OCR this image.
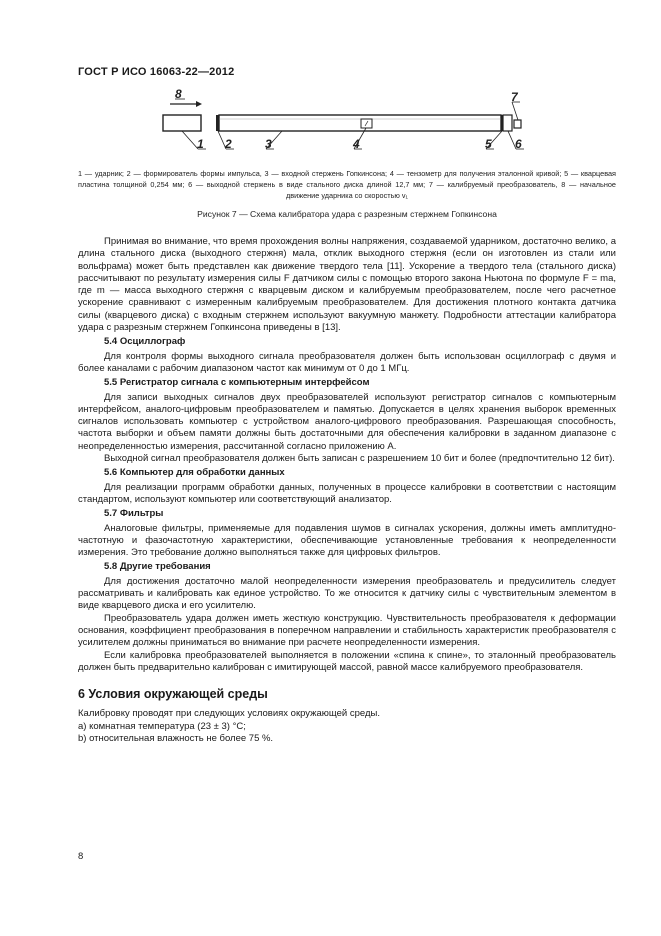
ГОСТ Р ИСО 16063-22—2012
1 2	3	4	5 6
7
8
1 — ударник; 2 — формирователь формы импульса, 3 — входной стержень Гопкинсона; 4 — тензометр для получения эталонной кривой; 5 — кварцевая пластина толщиной 0,254 мм; 6 — выходной стержень в виде стального диска длиной 12,7 мм; 7 — калибруемый преобразователь, 8 — начальное движение ударника со скоростью v₁
Рисунок 7 — Схема калибратора удара с разрезным стержнем Гопкинсона

Принимая во внимание, что время прохождения волны напряжения, создаваемой ударником, достаточно велико, а длина стального диска (выходного стержня) мала, отклик выходного стержня (если он изготовлен из стали или вольфрама) может быть представлен как движение твердого тела [11]. Ускорение a твердого тела (стального диска) рассчитывают по результату измерения силы F датчиком силы с помощью второго закона Ньютона по формуле F = ma, где m — масса выходного стержня с кварцевым диском и калибруемым преобразователем, после чего расчетное ускорение сравнивают с измеренным калибруемым преобразователем. Для достижения плотного контакта датчика силы (кварцевого диска) с входным стержнем используют вакуумную манжету. Подробности аттестации калибратора удара с разрезным стержнем Гопкинсона приведены в [13].

5.4 Осциллограф

Для контроля формы выходного сигнала преобразователя должен быть использован осциллограф с двумя и более каналами с рабочим диапазоном частот как минимум от 0 до 1 МГц.

5.5 Регистратор сигнала с компьютерным интерфейсом

Для записи выходных сигналов двух преобразователей используют регистратор сигналов с компьютерным интерфейсом, аналого-цифровым преобразователем и памятью. Допускается в целях хранения выборок временных сигналов использовать компьютер с устройством аналого-цифрового преобразования. Разрешающая способность, частота выборки и объем памяти должны быть достаточными для обеспечения калибровки в заданном диапазоне с неопределенностью измерения, рассчитанной согласно приложению А.

Выходной сигнал преобразователя должен быть записан с разрешением 10 бит и более (предпочтительно 12 бит).

5.6 Компьютер для обработки данных

Для реализации программ обработки данных, полученных в процессе калибровки в соответствии с настоящим стандартом, используют компьютер или соответствующий анализатор.

5.7 Фильтры

Аналоговые фильтры, применяемые для подавления шумов в сигналах ускорения, должны иметь амплитудно-частотную и фазочастотную характеристики, обеспечивающие установленные требования к неопределенности измерения. Это требование должно выполняться также для цифровых фильтров.

5.8 Другие требования

Для достижения достаточно малой неопределенности измерения преобразователь и предусилитель следует рассматривать и калибровать как единое устройство. То же относится к датчику силы с чувствительным элементом в виде кварцевого диска и его усилителю.

Преобразователь удара должен иметь жесткую конструкцию. Чувствительность преобразователя к деформации основания, коэффициент преобразования в поперечном направлении и стабильность характеристик преобразователя с усилителем должны приниматься во внимание при расчете неопределенности измерения.

Если калибровка преобразователей выполняется в положении «спина к спине», то эталонный преобразователь должен быть предварительно калиброван с имитирующей массой, равной массе калибруемого преобразователя.

6 Условия окружающей среды

Калибровку проводят при следующих условиях окружающей среды.

a) комнатная температура (23 ± 3) °C;

b) относительная влажность не более 75 %.

8
